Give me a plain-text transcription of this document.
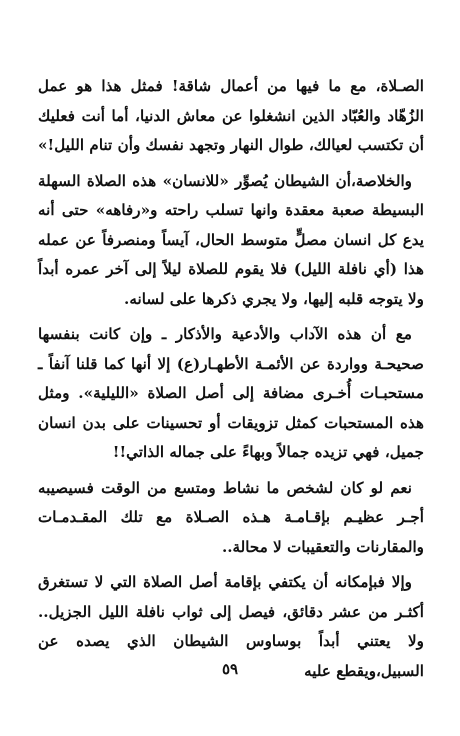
الصـلاة، مع ما فيها من أعمال شاقة! فمثل هذا هو عمل الزُهّاد والعُبّاد الذين انشغلوا عن معاش الدنيا، أما أنت فعليك أن تكتسب لعيالك، طوال النهار وتجهد نفسك وأن تنام الليل!»

والخلاصة،أن الشيطان يُصوِّر «للانسان» هذه الصلاة السهلة البسيطة صعبة معقدة وانها تسلب راحته و«رفاهه» حتى أنه يدع كل انسان مصلٍّ متوسط الحال، آيساً ومنصرفاً عن عمله هذا (أي نافلة الليل) فلا يقوم للصلاة ليلاً إلى آخر عمره أبداً ولا يتوجه قلبه إليها، ولا يجري ذكرها على لسانه.

مع أن هذه الآداب والأدعية والأذكار ـ وإن كانت بنفسها صحيحـة وواردة عن الأئمـة الأطهـار(ع) إلا أنها كما قلنا آنفاً ـ مستحبـات أُخـرى مضافة إلى أصل الصلاة «الليلية». ومثل هذه المستحبات كمثل تزويقات أو تحسينات على بدن انسان جميل، فهي تزيده جمالاً وبهاءً على جماله الذاتي!!

نعم لو كان لشخص ما نشاط ومتسع من الوقت فسيصيبه أجـر عظيـم بإقـامـة هـذه الصـلاة مع تلك المقـدمـات والمقارنات والتعقيبات لا محالة..

وإلا فبإمكانه أن يكتفي بإقامة أصل الصلاة التي لا تستغرق أكثـر من عشر دقائق، فيصل إلى ثواب نافلة الليل الجزيل.. ولا يعتني أبداً بوساوس الشيطان الذي يصده عن السبيل،ويقطع عليه

٥٩
